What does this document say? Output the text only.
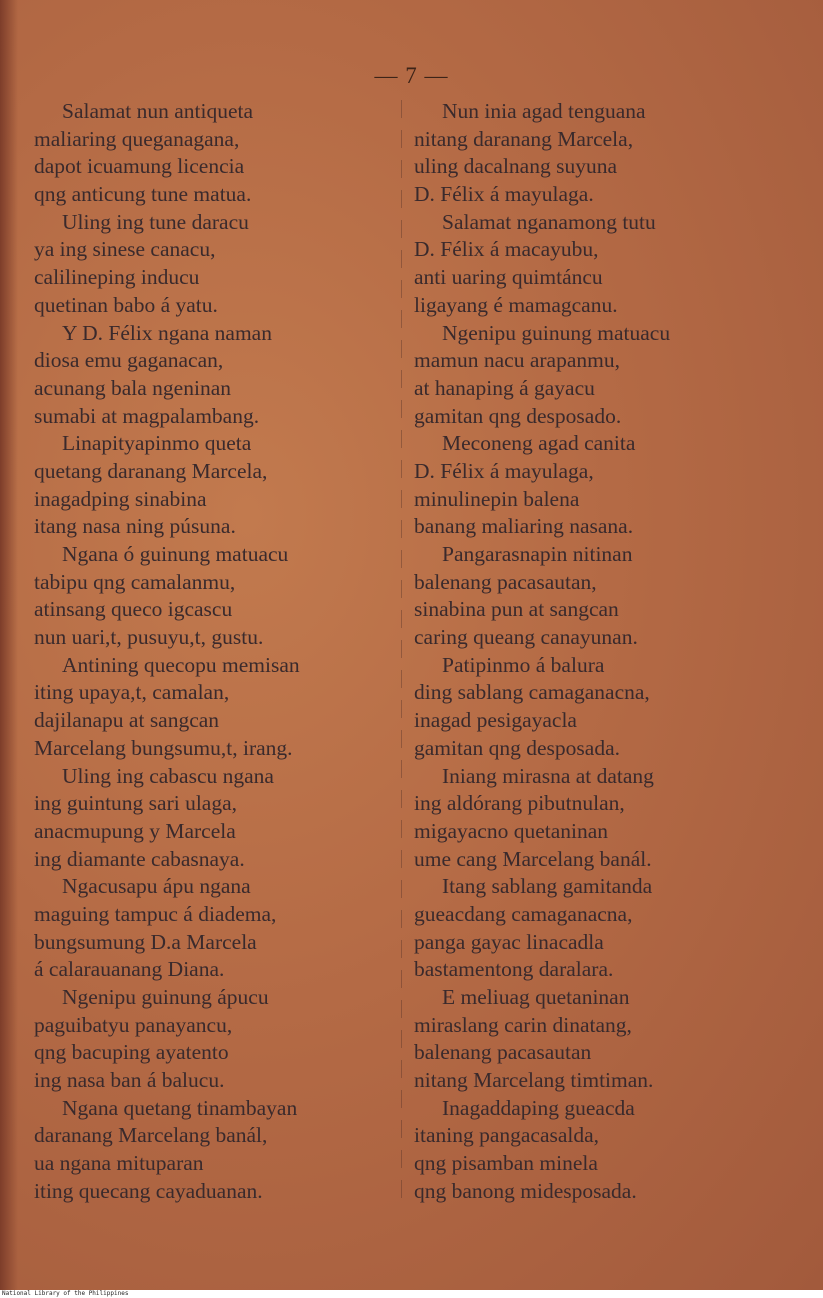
— 7 —
Salamat nun antiqueta
maliaring queganagana,
dapot icuamung licencia
qng anticung tune matua.
Uling ing tune daracu
ya ing sinese canacu,
calilineping inducu
quetinan babo á yatu.
Y D. Félix ngana naman
diosa emu gaganacan,
acunang bala ngeninan
sumabi at magpalambang.
Linapityapinmo queta
quetang daranang Marcela,
inagadping sinabina
itang nasa ning púsuna.
Ngana ó guinung matuacu
tabipu qng camalanmu,
atinsang queco igcascu
nun uari,t, pusuyu,t, gustu.
Antining quecopu memisan
iting upaya,t, camalan,
dajilanapu at sangcan
Marcelang bungsumu,t, irang.
Uling ing cabascu ngana
ing guintung sari ulaga,
anacmupung y Marcela
ing diamante cabasnaya.
Ngacusapu ápu ngana
maguing tampuc á diadema,
bungsumung D.a Marcela
á calarauanang Diana.
Ngenipu guinung ápucu
paguibatyu panayancu,
qng bacuping ayatento
ing nasa ban á balucu.
Ngana quetang tinambayan
daranang Marcelang banál,
ua ngana mituparan
iting quecang cayaduanan.
Nun inia agad tenguana
nitang daranang Marcela,
uling dacalnang suyuna
D. Félix á mayulaga.
Salamat nganamong tutu
D. Félix á macayubu,
anti uaring quimtáncu
ligayang é mamagcanu.
Ngenipu guinung matuacu
mamun nacu arapanmu,
at hanaping á gayacu
gamitan qng desposado.
Meconeng agad canita
D. Félix á mayulaga,
minulinepin balena
banang maliaring nasana.
Pangarasnapin nitinan
balenang pacasautan,
sinabina pun at sangcan
caring queang canayunan.
Patipinmo á balura
ding sablang camaganacna,
inagad pesigayacla
gamitan qng desposada.
Iniang mirasna at datang
ing aldórang pibutnulan,
migayacno quetaninan
ume cang Marcelang banál.
Itang sablang gamitanda
gueacdang camaganacna,
panga gayac linacadla
bastamentong daralara.
E meliuag quetaninan
miraslang carin dinatang,
balenang pacasautan
nitang Marcelang timtiman.
Inagaddaping gueacda
itaning pangacasalda,
qng pisamban minela
qng banong midesposada.
National Library of the Philippines
